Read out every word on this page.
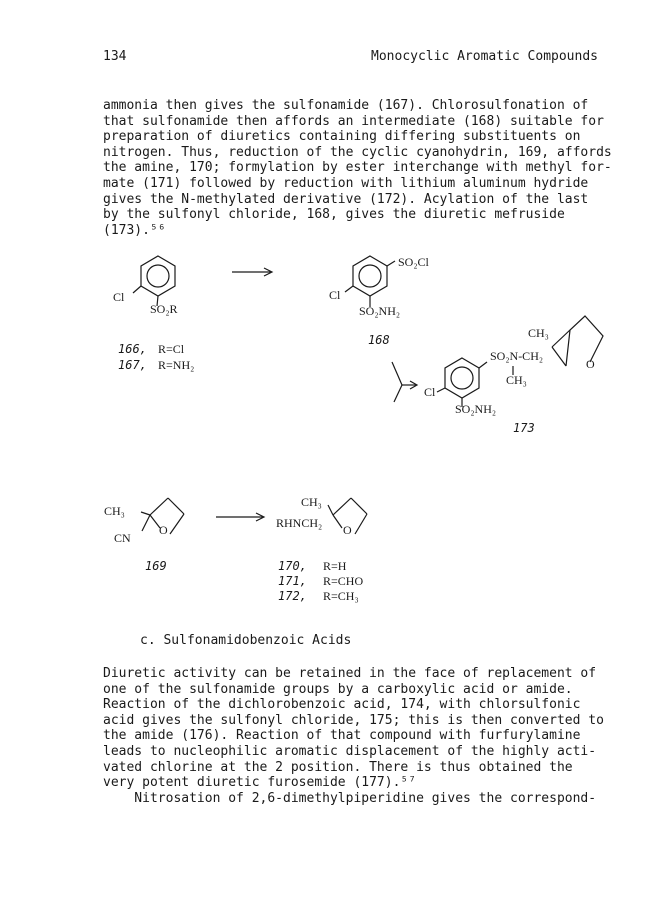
134	Monocyclic Aromatic Compounds
ammonia then gives the sulfonamide (167). Chlorosulfonation of
that sulfonamide then affords an intermediate (168) suitable for
preparation of diuretics containing differing substituents on
nitrogen. Thus, reduction of the cyclic cyanohydrin, 169, affords
the amine, 170; formylation by ester interchange with methyl for-
mate (171) followed by reduction with lithium aluminum hydride
gives the N-methylated derivative (172). Acylation of the last
by the sulfonyl chloride, 168, gives the diuretic mefruside
(173).⁵⁶
Cl
SO₂R
166, R=Cl
167, R=NH₂
SO₂Cl
Cl
SO₂NH₂
168	CH₃
SO₂N-CH₂
O
CH₃
Cl
SO₂NH₂
173
CH₃
O
CN
169
CH₃
RHNCH₂ O
170, R=H
171, R=CHO
172, R=CH₃
c. Sulfonamidobenzoic Acids
Diuretic activity can be retained in the face of replacement of
one of the sulfonamide groups by a carboxylic acid or amide.
Reaction of the dichlorobenzoic acid, 174, with chlorsulfonic
acid gives the sulfonyl chloride, 175; this is then converted to
the amide (176). Reaction of that compound with furfurylamine
leads to nucleophilic aromatic displacement of the highly acti-
vated chlorine at the 2 position. There is thus obtained the
very potent diuretic furosemide (177).⁵⁷
Nitrosation of 2,6-dimethylpiperidine gives the correspond-
